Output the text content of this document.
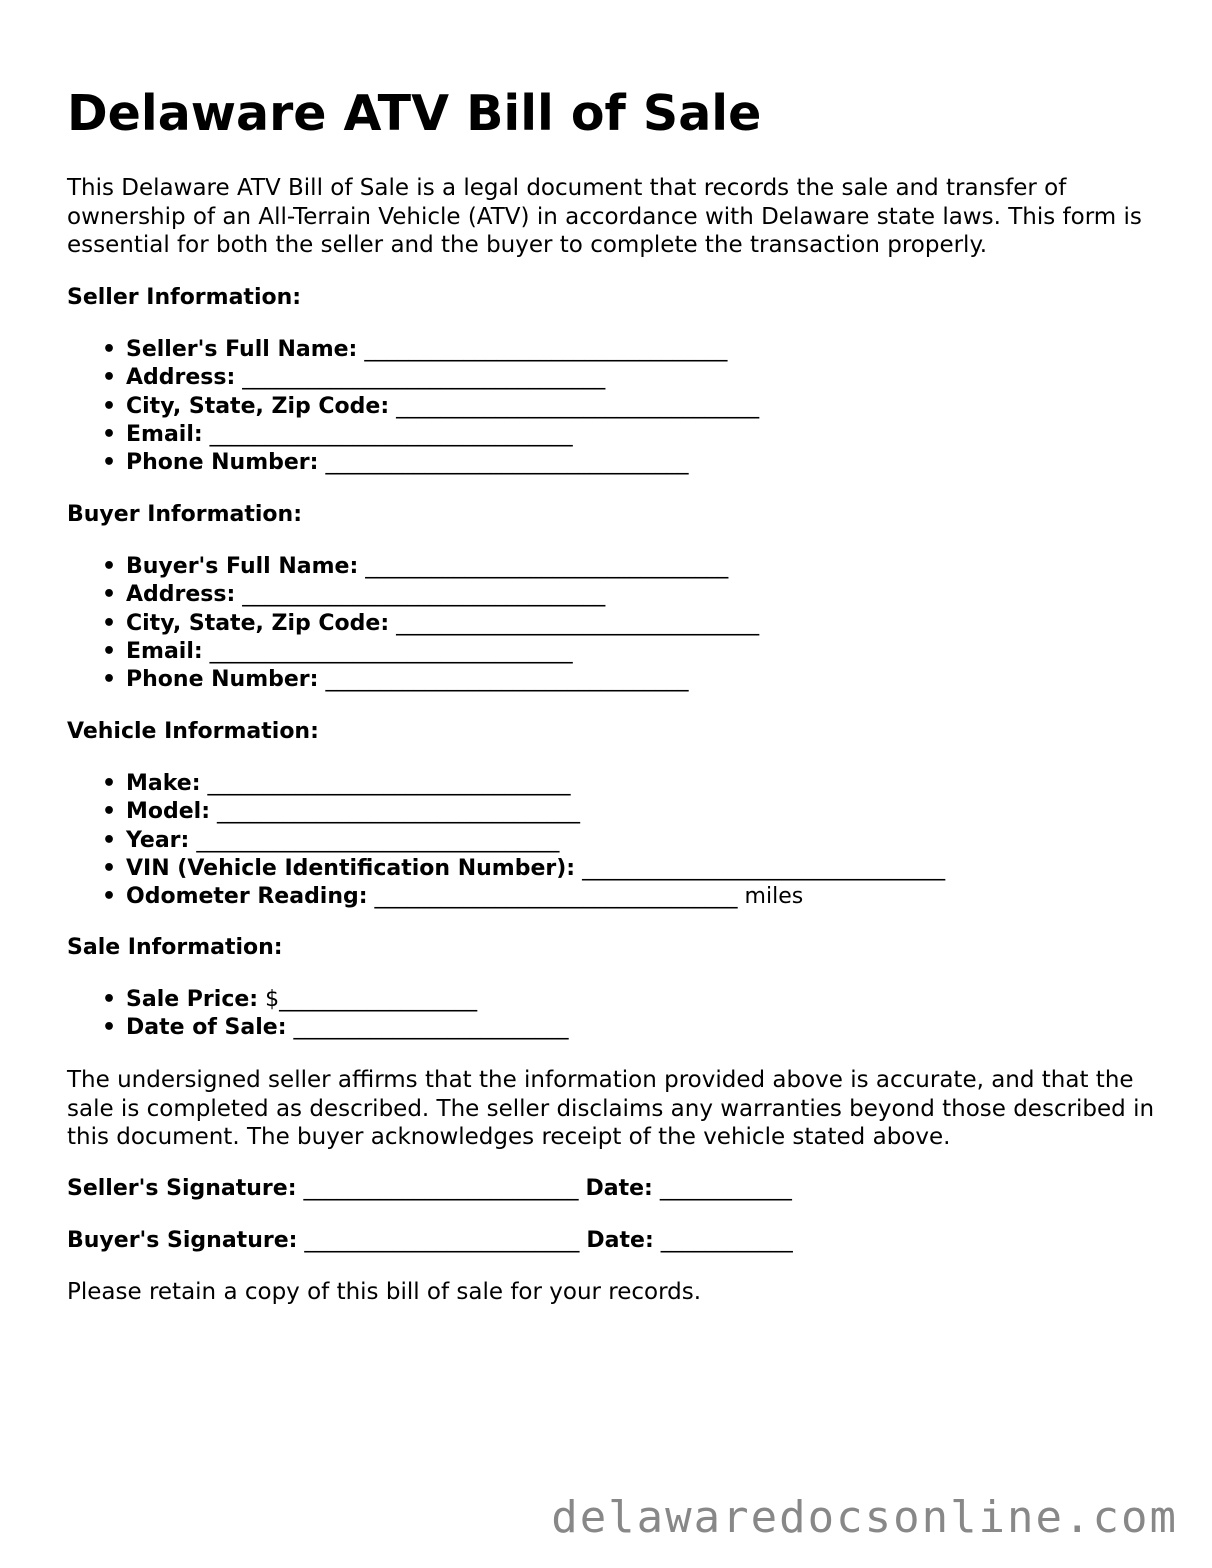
Delaware ATV Bill of Sale

This Delaware ATV Bill of Sale is a legal document that records the sale and transfer of ownership of an All-Terrain Vehicle (ATV) in accordance with Delaware state laws. This form is essential for both the seller and the buyer to complete the transaction properly.

Seller Information:

• Seller's Full Name: _________________________________
• Address: _________________________________
• City, State, Zip Code: _________________________________
• Email: _________________________________
• Phone Number: _________________________________

Buyer Information:

• Buyer's Full Name: _________________________________
• Address: _________________________________
• City, State, Zip Code: _________________________________
• Email: _________________________________
• Phone Number: _________________________________

Vehicle Information:

• Make: _________________________________
• Model: _________________________________
• Year: _________________________________
• VIN (Vehicle Identification Number): _________________________________
• Odometer Reading: _________________________________ miles

Sale Information:

• Sale Price: $__________________
• Date of Sale: _________________________

The undersigned seller affirms that the information provided above is accurate, and that the sale is completed as described. The seller disclaims any warranties beyond those described in this document. The buyer acknowledges receipt of the vehicle stated above.

Seller's Signature: _________________________ Date: ____________

Buyer's Signature: _________________________ Date: ____________

Please retain a copy of this bill of sale for your records.

delawaredocsonline.com
